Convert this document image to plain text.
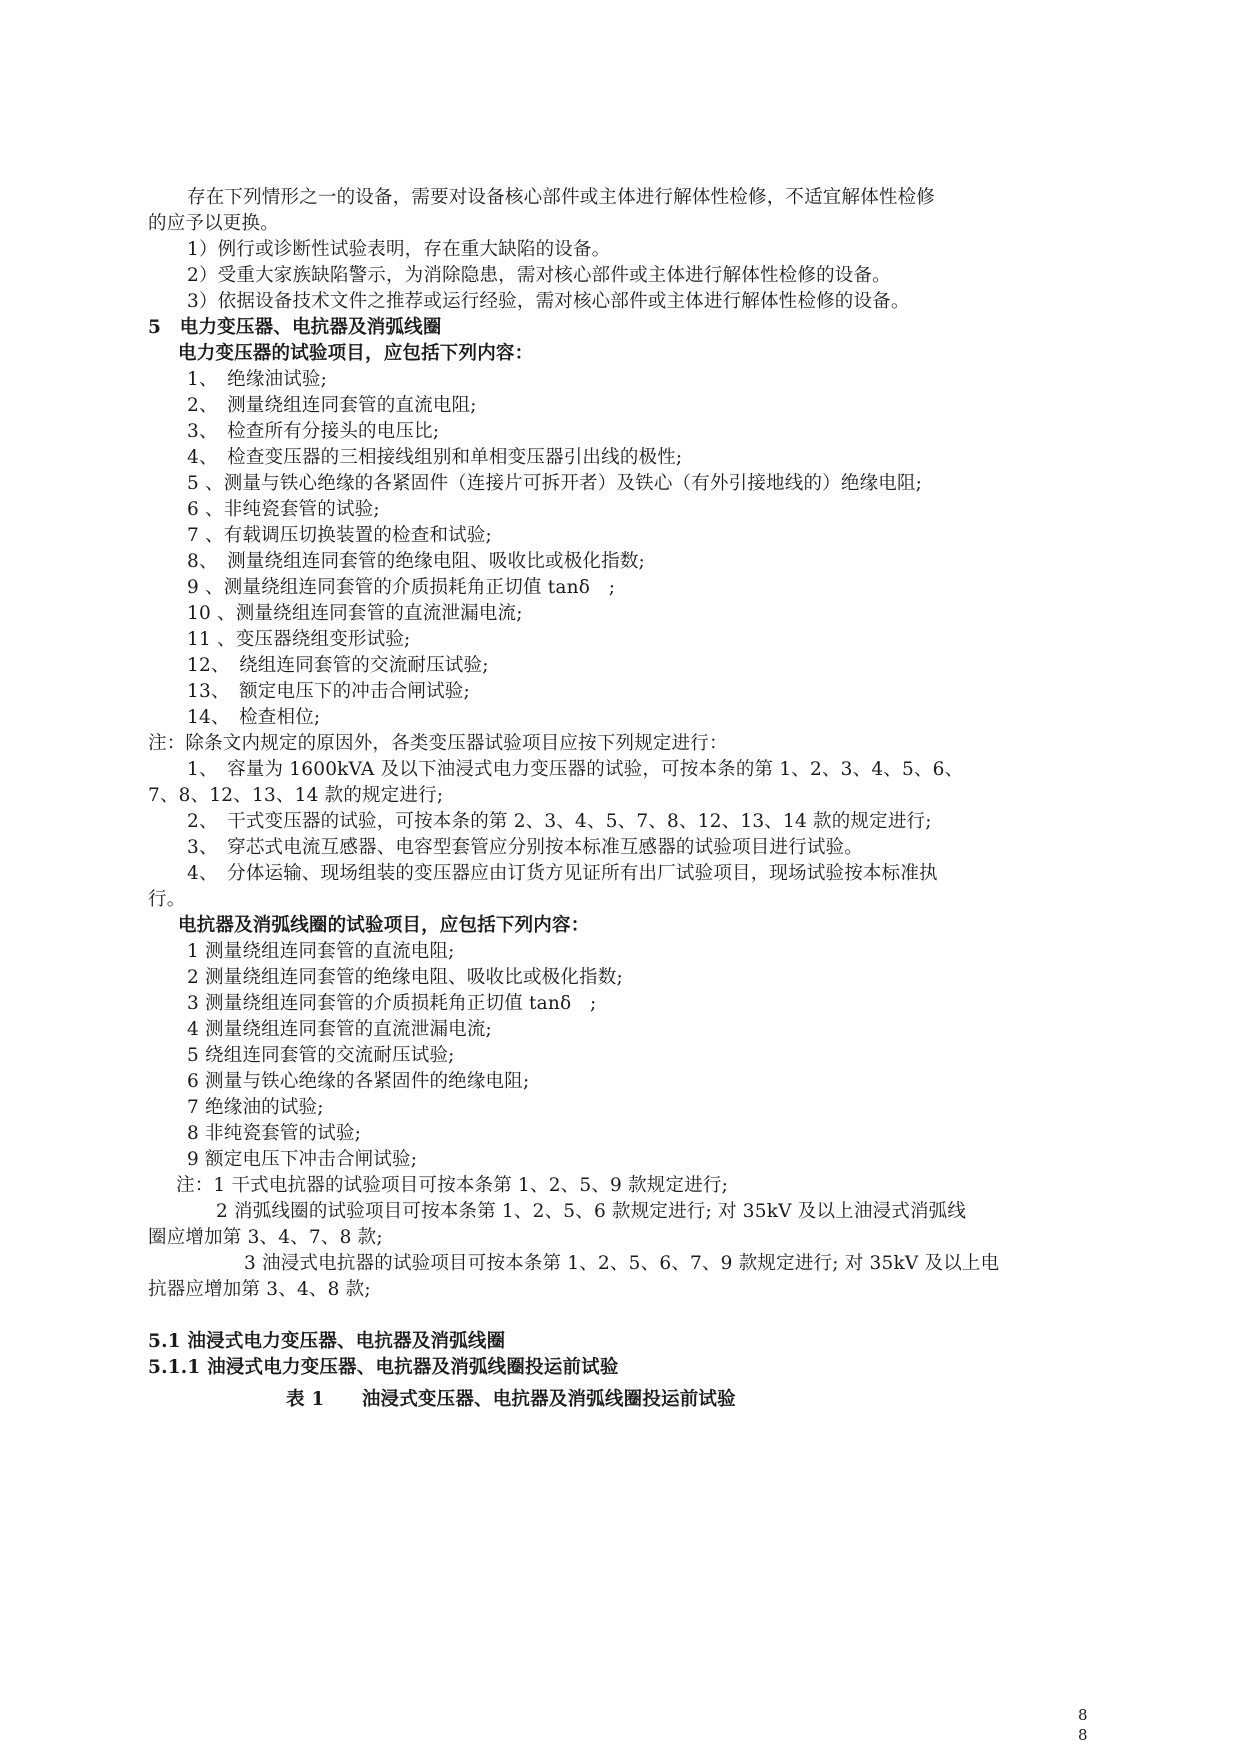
存在下列情形之一的设备，需要对设备核心部件或主体进行解体性检修，不适宜解体性检修
的应予以更换。
1）例行或诊断性试验表明，存在重大缺陷的设备。
2）受重大家族缺陷警示，为消除隐患，需对核心部件或主体进行解体性检修的设备。
3）依据设备技术文件之推荐或运行经验，需对核心部件或主体进行解体性检修的设备。
5　电力变压器、电抗器及消弧线圈
电力变压器的试验项目，应包括下列内容：
1、　绝缘油试验;
2、　测量绕组连同套管的直流电阻;
3、　检查所有分接头的电压比;
4、　检查变压器的三相接线组别和单相变压器引出线的极性;
5 、测量与铁心绝缘的各紧固件（连接片可拆开者）及铁心（有外引接地线的）绝缘电阻;
6 、非纯瓷套管的试验;
7 、有载调压切换装置的检查和试验;
8、　测量绕组连同套管的绝缘电阻、吸收比或极化指数;
9 、测量绕组连同套管的介质损耗角正切值 tanδ　;
10 、测量绕组连同套管的直流泄漏电流;
11 、变压器绕组变形试验;
12、　绕组连同套管的交流耐压试验;
13、　额定电压下的冲击合闸试验;
14、　检查相位;
注：除条文内规定的原因外，各类变压器试验项目应按下列规定进行：
1、　容量为 1600kVA 及以下油浸式电力变压器的试验，可按本条的第 1、2、3、4、5、6、
7、8、12、13、14 款的规定进行;
2、　干式变压器的试验，可按本条的第 2、3、4、5、7、8、12、13、14 款的规定进行;
3、　穿芯式电流互感器、电容型套管应分别按本标准互感器的试验项目进行试验。
4、　分体运输、现场组装的变压器应由订货方见证所有出厂试验项目，现场试验按本标准执
行。
电抗器及消弧线圈的试验项目，应包括下列内容：
1 测量绕组连同套管的直流电阻;
2 测量绕组连同套管的绝缘电阻、吸收比或极化指数;
3 测量绕组连同套管的介质损耗角正切值 tanδ　;
4 测量绕组连同套管的直流泄漏电流;
5 绕组连同套管的交流耐压试验;
6 测量与铁心绝缘的各紧固件的绝缘电阻;
7 绝缘油的试验;
8 非纯瓷套管的试验;
9 额定电压下冲击合闸试验;
注：1 干式电抗器的试验项目可按本条第 1、2、5、9 款规定进行;
2 消弧线圈的试验项目可按本条第 1、2、5、6 款规定进行; 对 35kV 及以上油浸式消弧线
圈应增加第 3、4、7、8 款;
3 油浸式电抗器的试验项目可按本条第 1、2、5、6、7、9 款规定进行; 对 35kV 及以上电
抗器应增加第 3、4、8 款;
5.1 油浸式电力变压器、电抗器及消弧线圈
5.1.1 油浸式电力变压器、电抗器及消弧线圈投运前试验
表 1　　油浸式变压器、电抗器及消弧线圈投运前试验
8
8
